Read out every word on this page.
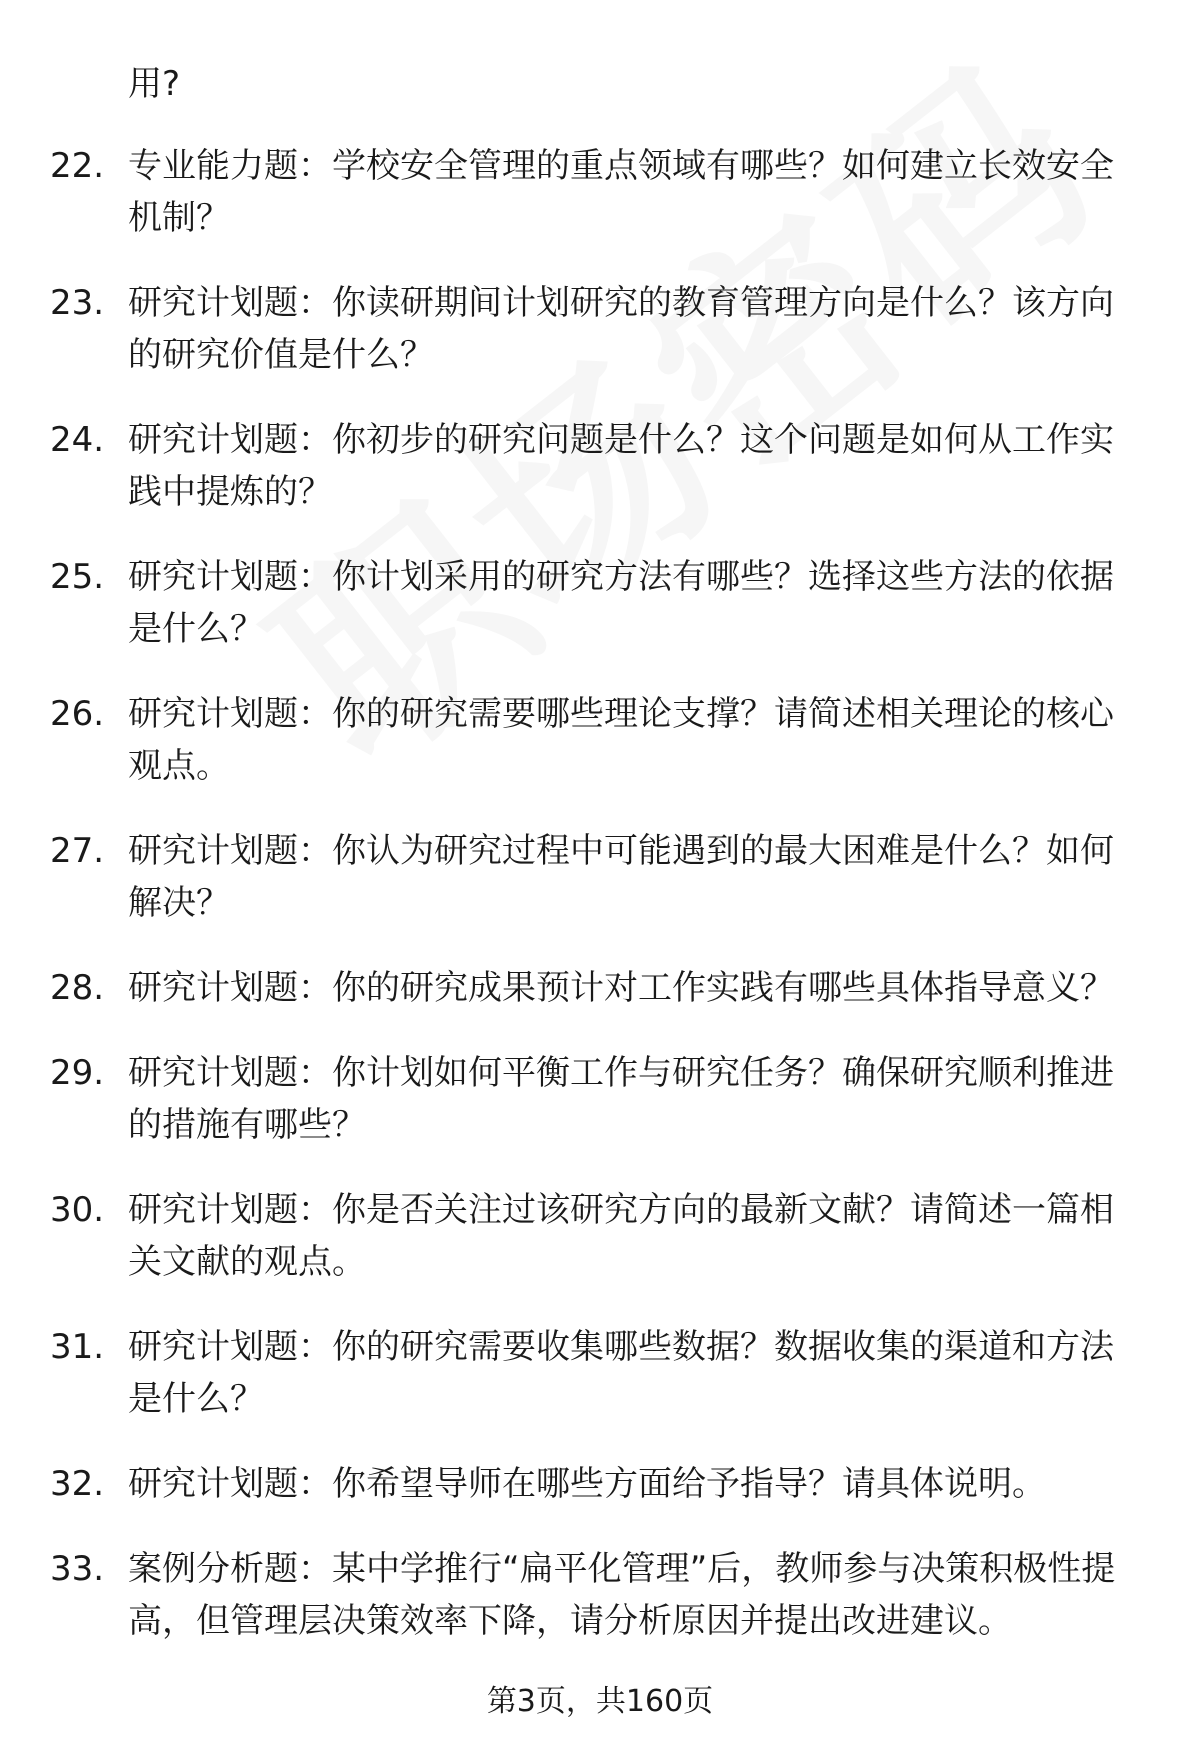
用?
22. 专业能力题：学校安全管理的重点领域有哪些？如何建立长效安全机制？
23. 研究计划题：你读研期间计划研究的教育管理方向是什么？该方向的研究价值是什么？
24. 研究计划题：你初步的研究问题是什么？这个问题是如何从工作实践中提炼的？
25. 研究计划题：你计划采用的研究方法有哪些？选择这些方法的依据是什么？
26. 研究计划题：你的研究需要哪些理论支撑？请简述相关理论的核心观点。
27. 研究计划题：你认为研究过程中可能遇到的最大困难是什么？如何解决？
28. 研究计划题：你的研究成果预计对工作实践有哪些具体指导意义？
29. 研究计划题：你计划如何平衡工作与研究任务？确保研究顺利推进的措施有哪些？
30. 研究计划题：你是否关注过该研究方向的最新文献？请简述一篇相关文献的观点。
31. 研究计划题：你的研究需要收集哪些数据？数据收集的渠道和方法是什么？
32. 研究计划题：你希望导师在哪些方面给予指导？请具体说明。
33. 案例分析题：某中学推行“扁平化管理”后，教师参与决策积极性提高，但管理层决策效率下降，请分析原因并提出改进建议。
第3页，共160页
